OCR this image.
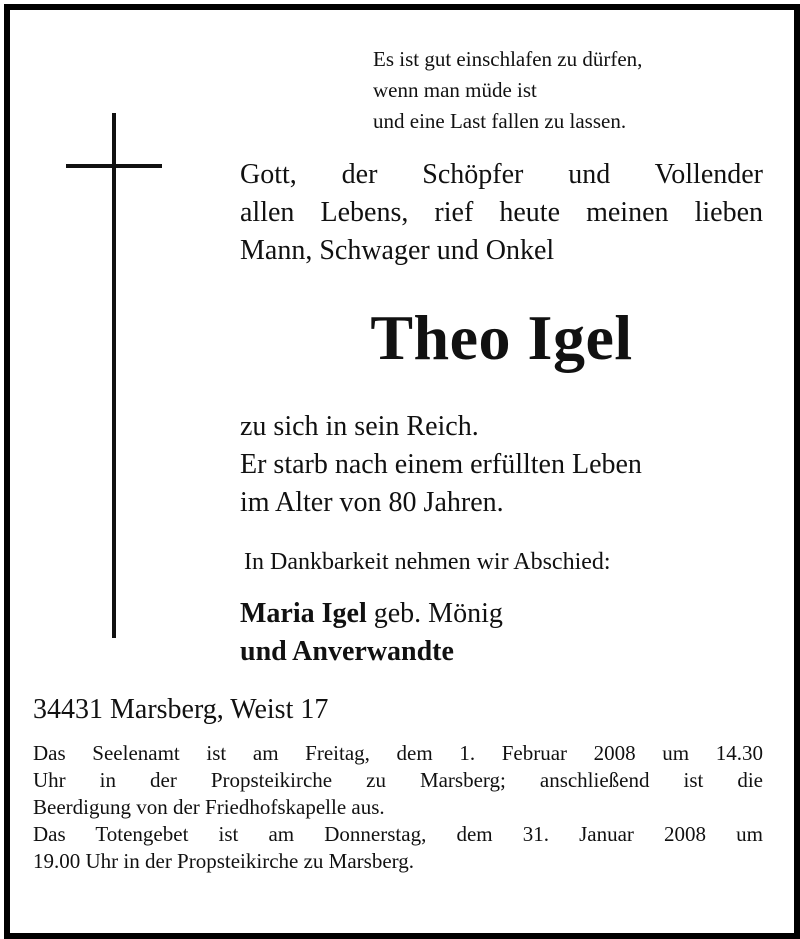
Es ist gut einschlafen zu dürfen,
wenn man müde ist
und eine Last fallen zu lassen.
Gott, der Schöpfer und Vollender
allen Lebens, rief heute meinen lieben
Mann, Schwager und Onkel
Theo Igel
zu sich in sein Reich.
Er starb nach einem erfüllten Leben
im Alter von 80 Jahren.
In Dankbarkeit nehmen wir Abschied:
Maria Igel geb. Mönig
und Anverwandte
34431 Marsberg, Weist 17
Das Seelenamt ist am Freitag, dem 1. Februar 2008 um 14.30
Uhr in der Propsteikirche zu Marsberg; anschließend ist die
Beerdigung von der Friedhofskapelle aus.
Das Totengebet ist am Donnerstag, dem 31. Januar 2008 um
19.00 Uhr in der Propsteikirche zu Marsberg.
